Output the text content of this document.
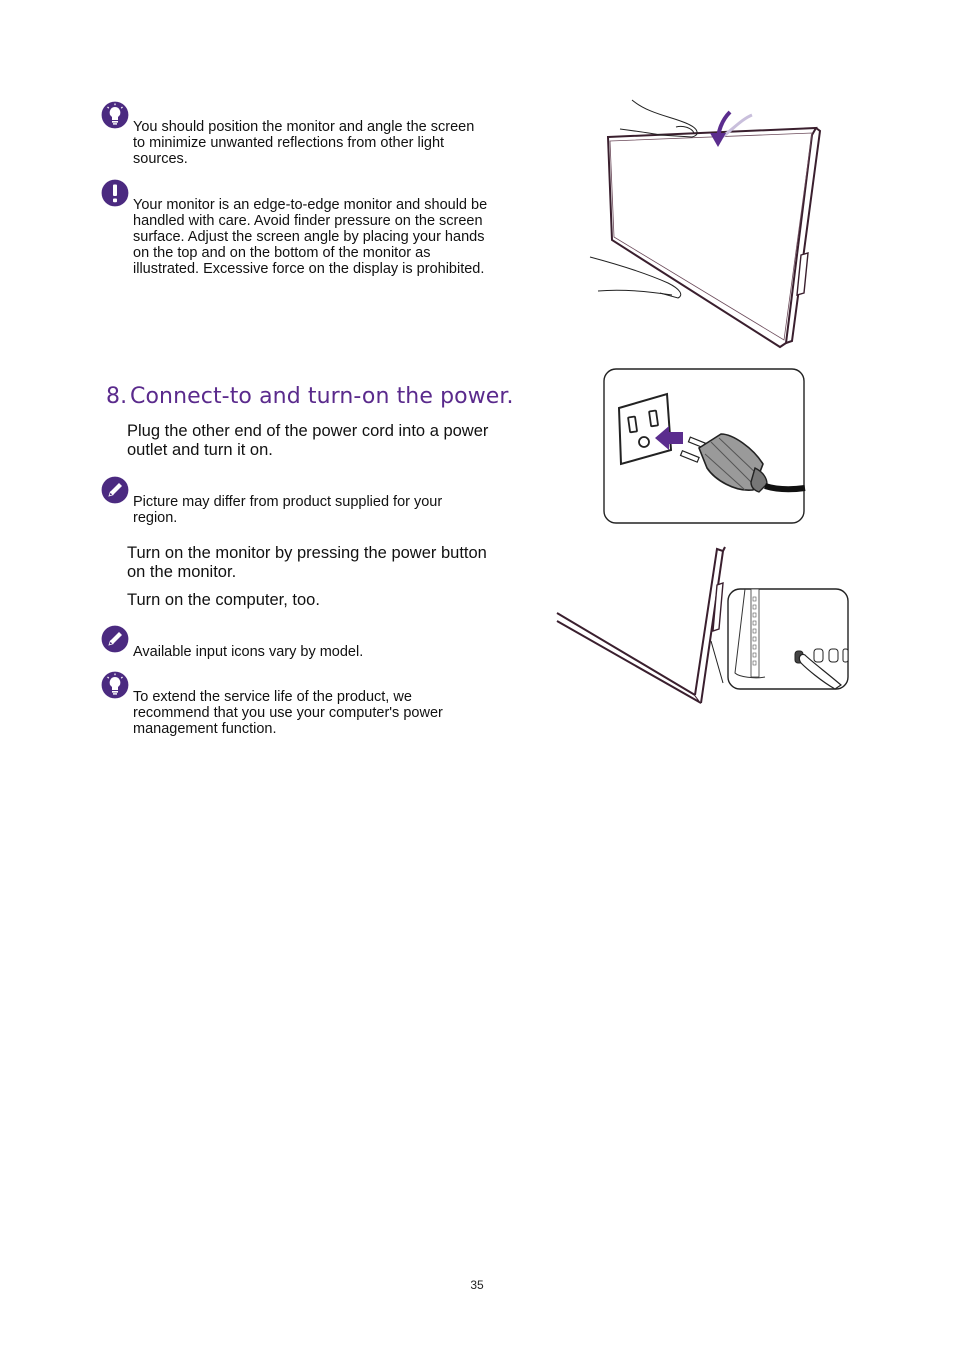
You should position the monitor and angle the screen
to minimize unwanted reflections from other light
sources.
Your monitor is an edge-to-edge monitor and should be
handled with care. Avoid finder pressure on the screen
surface. Adjust the screen angle by placing your hands
on the top and on the bottom of the monitor as
illustrated. Excessive force on the display is prohibited.
8. Connect-to and turn-on the power.
Plug the other end of the power cord into a power
outlet and turn it on.
Picture may differ from product supplied for your
region.
Turn on the monitor by pressing the power button
on the monitor.
Turn on the computer, too.
Available input icons vary by model.
To extend the service life of the product, we
recommend that you use your computer's power
management function.
35
